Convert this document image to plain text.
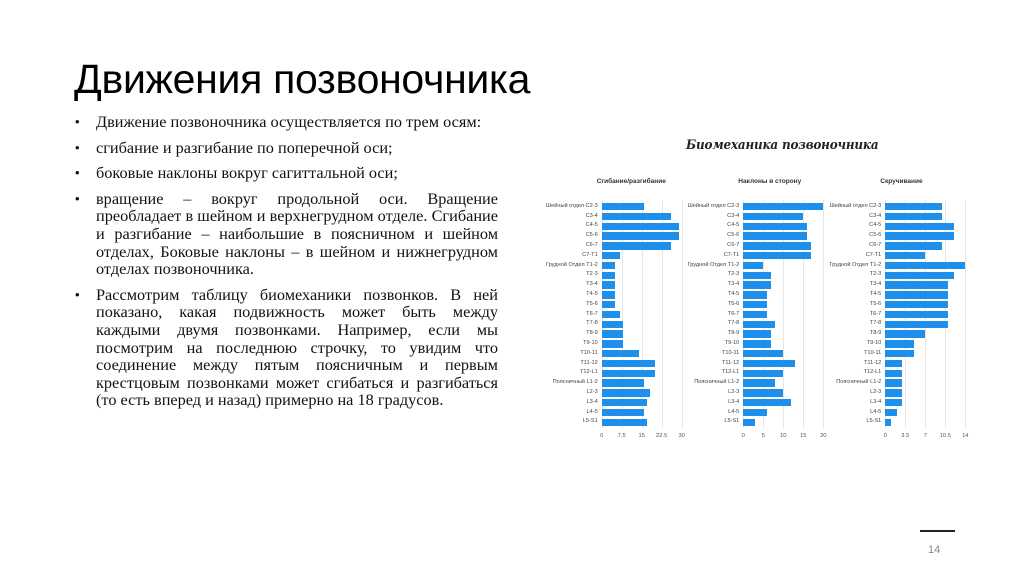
Движения позвоночника
• Движение позвоночника осуществляется по трем осям:
• сгибание и разгибание по поперечной оси;
• боковые наклоны вокруг сагиттальной оси;
• вращение – вокруг продольной оси. Вращение преобладает в шейном и верхнегрудном отделе. Сгибание и разгибание – наибольшие в поясничном и шейном отделах, Боковые наклоны – в шейном и нижнегрудном отделах позвоночника.
• Рассмотрим таблицу биомеханики позвонков. В ней показано, какая подвижность может быть между каждыми двумя позвонками. Например, если мы посмотрим на последнюю строчку, то увидим что соединение между пятым поясничным и первым крестцовым позвонками может сгибаться и разгибаться (то есть вперед и назад) примерно на 18 градусов.
Биомеханика позвоночника
Сгибание/разгибание
0 7.5 15 22.5 30
Шейный отдел C2-3
C3-4
C4-5
C5-6
C6-7
C7-T1
Грудной Отдел T1-2
T2-3
T3-4
T4-5
T5-6
T6-7
T7-8
T8-9
T9-10
T10-11
T11-12
T12-L1
Поясничный L1-2
L2-3
L3-4
L4-5
L5-S1
Наклоны в сторону
0	5	10 15 20
Шейный отдел C2-3
C3-4
C4-5
C5-6
C6-7
C7-T1
Грудной Отдел T1-2
T2-3
T3-4
T4-5
T5-6
T6-7
T7-8
T8-9
T9-10
T10-11
T11-12
T12-L1
Поясничный L1-2
L2-3
L3-4
L4-5
L5-S1
Скручивание
0 3.5 7 10.5 14
Шейный отдел C2-3
C3-4
C4-5
C5-6
C6-7
C7-T1
Грудной Отдел T1-2
T2-3
T3-4
T4-5
T5-6
T6-7
T7-8
T8-9
T9-10
T10-11
T11-12
T12-L1
Поясничный L1-2
L2-3
L3-4
L4-5
L5-S1
14
